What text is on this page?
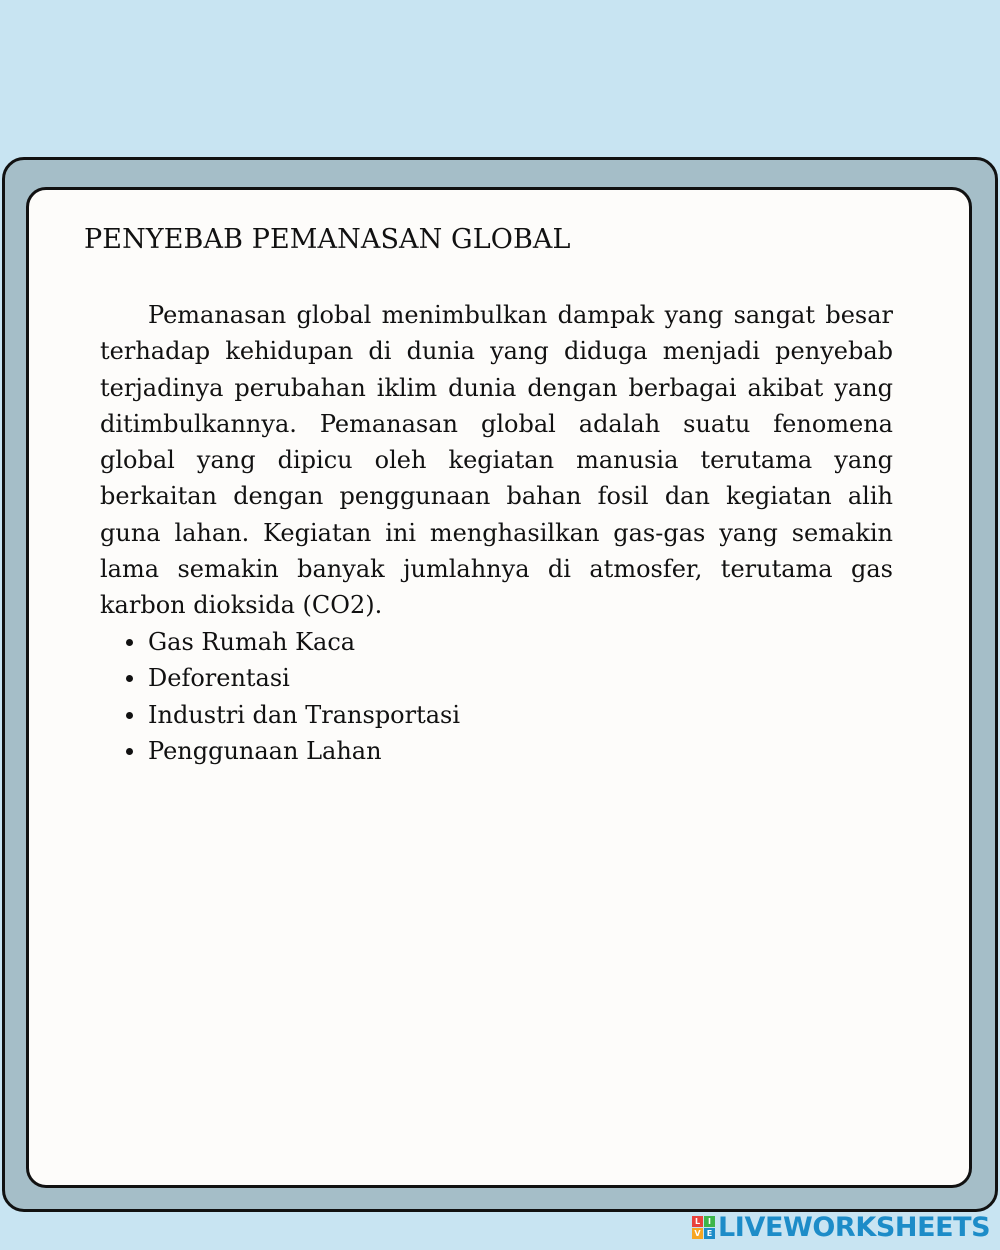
PENYEBAB PEMANASAN GLOBAL

Pemanasan global menimbulkan dampak yang sangat besar terhadap kehidupan di dunia yang diduga menjadi penyebab terjadinya perubahan iklim dunia dengan berbagai akibat yang ditimbulkannya. Pemanasan global adalah suatu fenomena global yang dipicu oleh kegiatan manusia terutama yang berkaitan dengan penggunaan bahan fosil dan kegiatan alih guna lahan. Kegiatan ini menghasilkan gas-gas yang semakin lama semakin banyak jumlahnya di atmosfer, terutama gas karbon dioksida (CO2).

Gas Rumah Kaca
Deforentasi
Industri dan Transportasi
Penggunaan Lahan
L I
V E LIVEWORKSHEETS
